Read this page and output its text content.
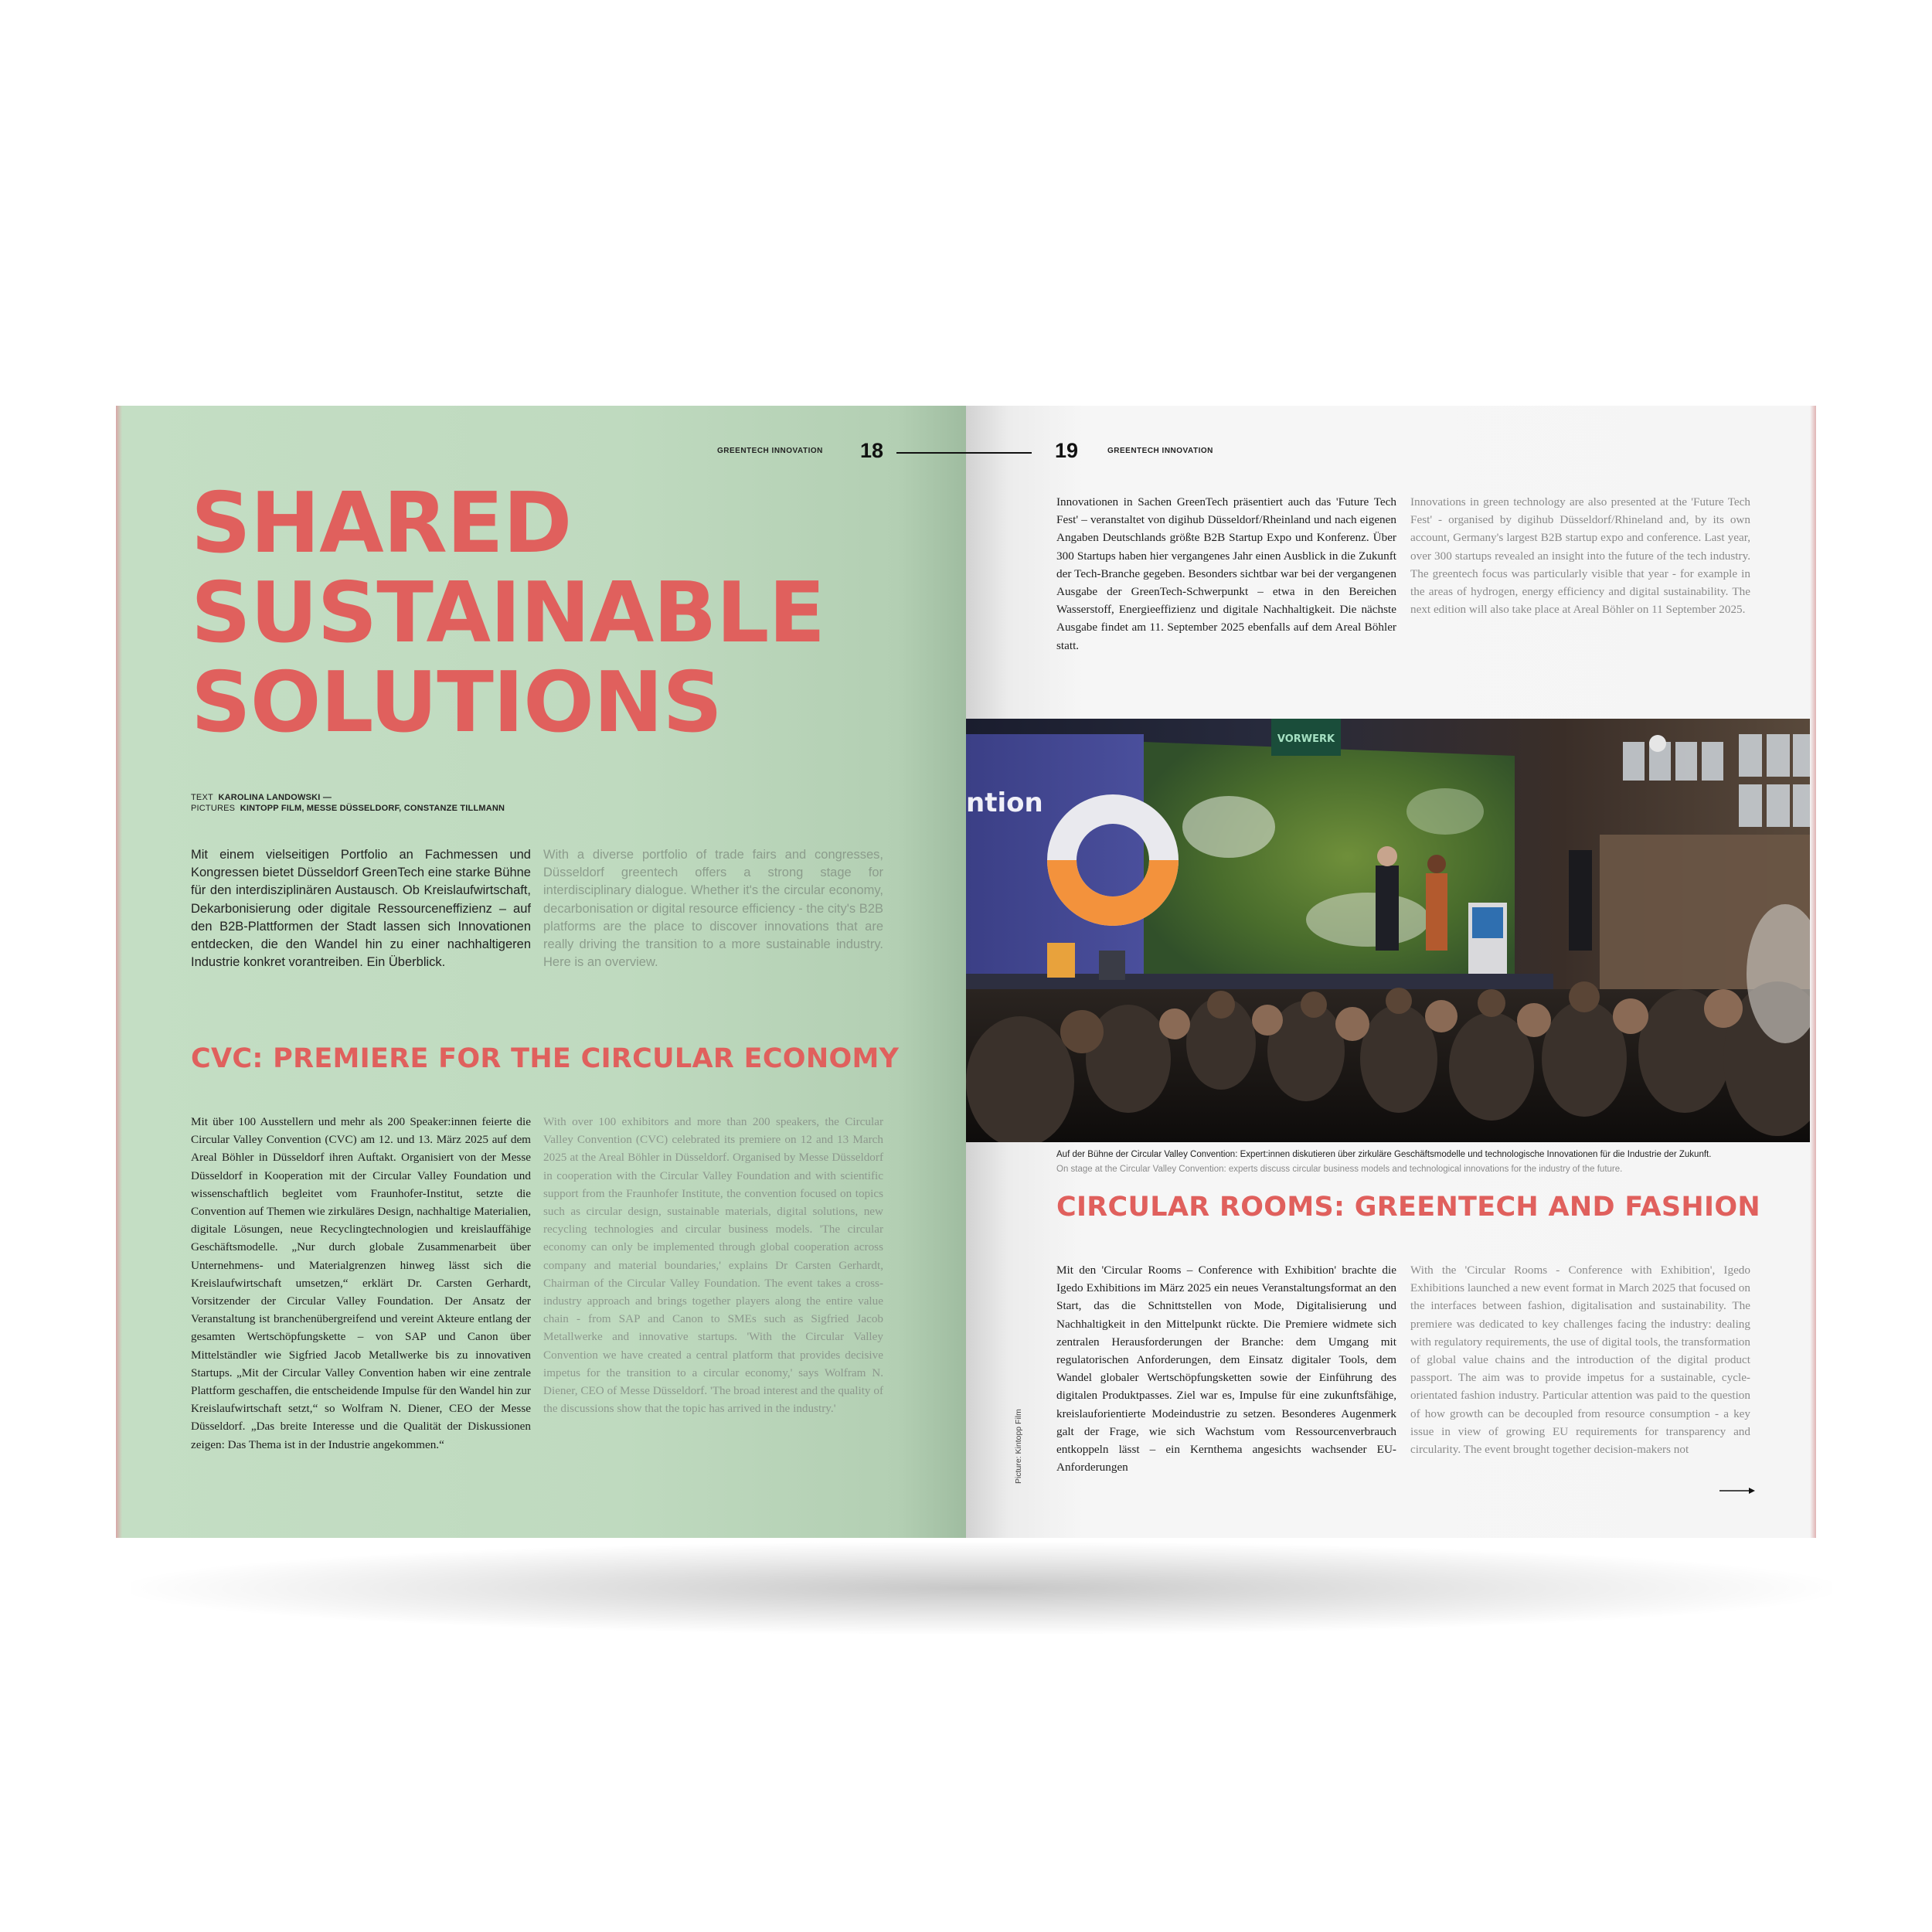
GREENTECH INNOVATION 18
SHARED
SUSTAINABLE
SOLUTIONS
TEXT KAROLINA LANDOWSKI —
PICTURES KINTOPP FILM, MESSE DÜSSELDORF, CONSTANZE TILLMANN

Mit einem vielseitigen Portfolio an Fachmessen und Kongressen bietet Düsseldorf GreenTech eine starke Bühne für den interdisziplinären Austausch. Ob Kreislaufwirtschaft, Dekarbonisierung oder digitale Ressourceneffizienz – auf den B2B-Plattformen der Stadt lassen sich Innovationen entdecken, die den Wandel hin zu einer nachhaltigeren Industrie konkret vorantreiben. Ein Überblick.

With a diverse portfolio of trade fairs and congresses, Düsseldorf greentech offers a strong stage for interdisciplinary dialogue. Whether it's the circular economy, decarbonisation or digital resource efficiency - the city's B2B platforms are the place to discover innovations that are really driving the transition to a more sustainable industry. Here is an overview.

CVC: PREMIERE FOR THE CIRCULAR ECONOMY

Mit über 100 Ausstellern und mehr als 200 Speaker:innen feierte die Circular Valley Convention (CVC) am 12. und 13. März 2025 auf dem Areal Böhler in Düsseldorf ihren Auftakt. Organisiert von der Messe Düsseldorf in Kooperation mit der Circular Valley Foundation und wissenschaftlich begleitet vom Fraunhofer-Institut, setzte die Convention auf Themen wie zirkuläres Design, nachhaltige Materialien, digitale Lösungen, neue Recyclingtechnologien und kreislauffähige Geschäftsmodelle. „Nur durch globale Zusammenarbeit über Unternehmens- und Materialgrenzen hinweg lässt sich die Kreislaufwirtschaft umsetzen,“ erklärt Dr. Carsten Gerhardt, Vorsitzender der Circular Valley Foundation. Der Ansatz der Veranstaltung ist branchenübergreifend und vereint Akteure entlang der gesamten Wertschöpfungskette – von SAP und Canon über Mittelständler wie Sigfried Jacob Metallwerke bis zu innovativen Startups. „Mit der Circular Valley Convention haben wir eine zentrale Plattform geschaffen, die entscheidende Impulse für den Wandel hin zur Kreislaufwirtschaft setzt,“ so Wolfram N. Diener, CEO der Messe Düsseldorf. „Das breite Interesse und die Qualität der Diskussionen zeigen: Das Thema ist in der Industrie angekommen.“

With over 100 exhibitors and more than 200 speakers, the Circular Valley Convention (CVC) celebrated its premiere on 12 and 13 March 2025 at the Areal Böhler in Düsseldorf. Organised by Messe Düsseldorf in cooperation with the Circular Valley Foundation and with scientific support from the Fraunhofer Institute, the convention focused on topics such as circular design, sustainable materials, digital solutions, new recycling technologies and circular business models. 'The circular economy can only be implemented through global cooperation across company and material boundaries,' explains Dr Carsten Gerhardt, Chairman of the Circular Valley Foundation. The event takes a cross-industry approach and brings together players along the entire value chain - from SAP and Canon to SMEs such as Sigfried Jacob Metallwerke and innovative startups. 'With the Circular Valley Convention we have created a central platform that provides decisive impetus for the transition to a circular economy,' says Wolfram N. Diener, CEO of Messe Düsseldorf. 'The broad interest and the quality of the discussions show that the topic has arrived in the industry.'

19	GREENTECH INNOVATION

Innovationen in Sachen GreenTech präsentiert auch das 'Future Tech Fest' – veranstaltet von digihub Düsseldorf/Rheinland und nach eigenen Angaben Deutschlands größte B2B Startup Expo und Konferenz. Über 300 Startups haben hier vergangenes Jahr einen Ausblick in die Zukunft der Tech-Branche gegeben. Besonders sichtbar war bei der vergangenen Ausgabe der GreenTech-Schwerpunkt – etwa in den Bereichen Wasserstoff, Energieeffizienz und digitale Nachhaltigkeit. Die nächste Ausgabe findet am 11. September 2025 ebenfalls auf dem Areal Böhler statt.

Innovations in green technology are also presented at the 'Future Tech Fest' - organised by digihub Düsseldorf/Rhineland and, by its own account, Germany's largest B2B startup expo and conference. Last year, over 300 startups revealed an insight into the future of the tech industry. The greentech focus was particularly visible that year - for example in the areas of hydrogen, energy efficiency and digital sustainability. The next edition will also take place at Areal Böhler on 11 September 2025.

ntion
VORWERK
Auf der Bühne der Circular Valley Convention: Expert:innen diskutieren über zirkuläre Geschäftsmodelle und technologische Innovationen für die Industrie der Zukunft.
On stage at the Circular Valley Convention: experts discuss circular business models and technological innovations for the industry of the future.
CIRCULAR ROOMS: GREENTECH AND FASHION

Mit den 'Circular Rooms – Conference with Exhibition' brachte die Igedo Exhibitions im März 2025 ein neues Veranstaltungsformat an den Start, das die Schnittstellen von Mode, Digitalisierung und Nachhaltigkeit in den Mittelpunkt rückte. Die Premiere widmete sich zentralen Herausforderungen der Branche: dem Umgang mit regulatorischen Anforderungen, dem Einsatz digitaler Tools, dem Wandel globaler Wertschöpfungsketten sowie der Einführung des digitalen Produktpasses. Ziel war es, Impulse für eine zukunftsfähige, kreislauforientierte Modeindustrie zu setzen. Besonderes Augenmerk galt der Frage, wie sich Wachstum vom Ressourcenverbrauch entkoppeln lässt – ein Kernthema angesichts wachsender EU-Anforderungen

With the 'Circular Rooms - Conference with Exhibition', Igedo Exhibitions launched a new event format in March 2025 that focused on the interfaces between fashion, digitalisation and sustainability. The premiere was dedicated to key challenges facing the industry: dealing with regulatory requirements, the use of digital tools, the transformation of global value chains and the introduction of the digital product passport. The aim was to provide impetus for a sustainable, cycle-orientated fashion industry. Particular attention was paid to the question of how growth can be decoupled from resource consumption - a key issue in view of growing EU requirements for transparency and circularity. The event brought together decision-makers not

Picture: Kintopp Film
